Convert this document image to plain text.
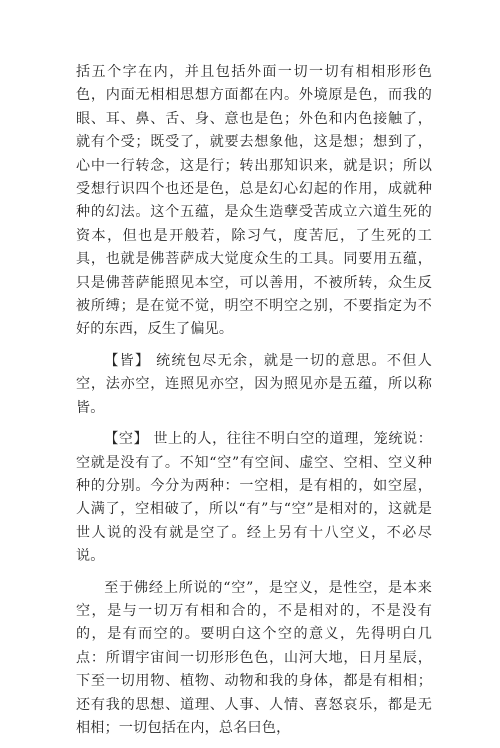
括五个字在内，并且包括外面一切一切有相相形形色色，内面无相相思想方面都在内。外境原是色，而我的眼、耳、鼻、舌、身、意也是色；外色和内色接触了，就有个受；既受了，就要去想象他，这是想；想到了，心中一行转念，这是行；转出那知识来，就是识；所以受想行识四个也还是色，总是幻心幻起的作用，成就种种的幻法。这个五蕴，是众生造孽受苦成立六道生死的资本，但也是开般若，除习气，度苦厄，了生死的工具，也就是佛菩萨成大觉度众生的工具。同要用五蕴，只是佛菩萨能照见本空，可以善用，不被所转，众生反被所缚；是在觉不觉，明空不明空之别，不要指定为不好的东西，反生了偏见。

【皆】 统统包尽无余，就是一切的意思。不但人空，法亦空，连照见亦空，因为照见亦是五蕴，所以称皆。

【空】 世上的人，往往不明白空的道理，笼统说：空就是没有了。不知“空”有空间、虚空、空相、空义种种的分别。今分为两种：一空相，是有相的，如空屋，人满了，空相破了，所以“有”与“空”是相对的，这就是世人说的没有就是空了。经上另有十八空义，不必尽说。

至于佛经上所说的“空”，是空义，是性空，是本来空，是与一切万有相和合的，不是相对的，不是没有的，是有而空的。要明白这个空的意义，先得明白几点：所谓宇宙间一切形形色色，山河大地，日月星辰，下至一切用物、植物、动物和我的身体，都是有相相；还有我的思想、道理、人事、人情、喜怒哀乐，都是无相相；一切包括在内，总名曰色，
